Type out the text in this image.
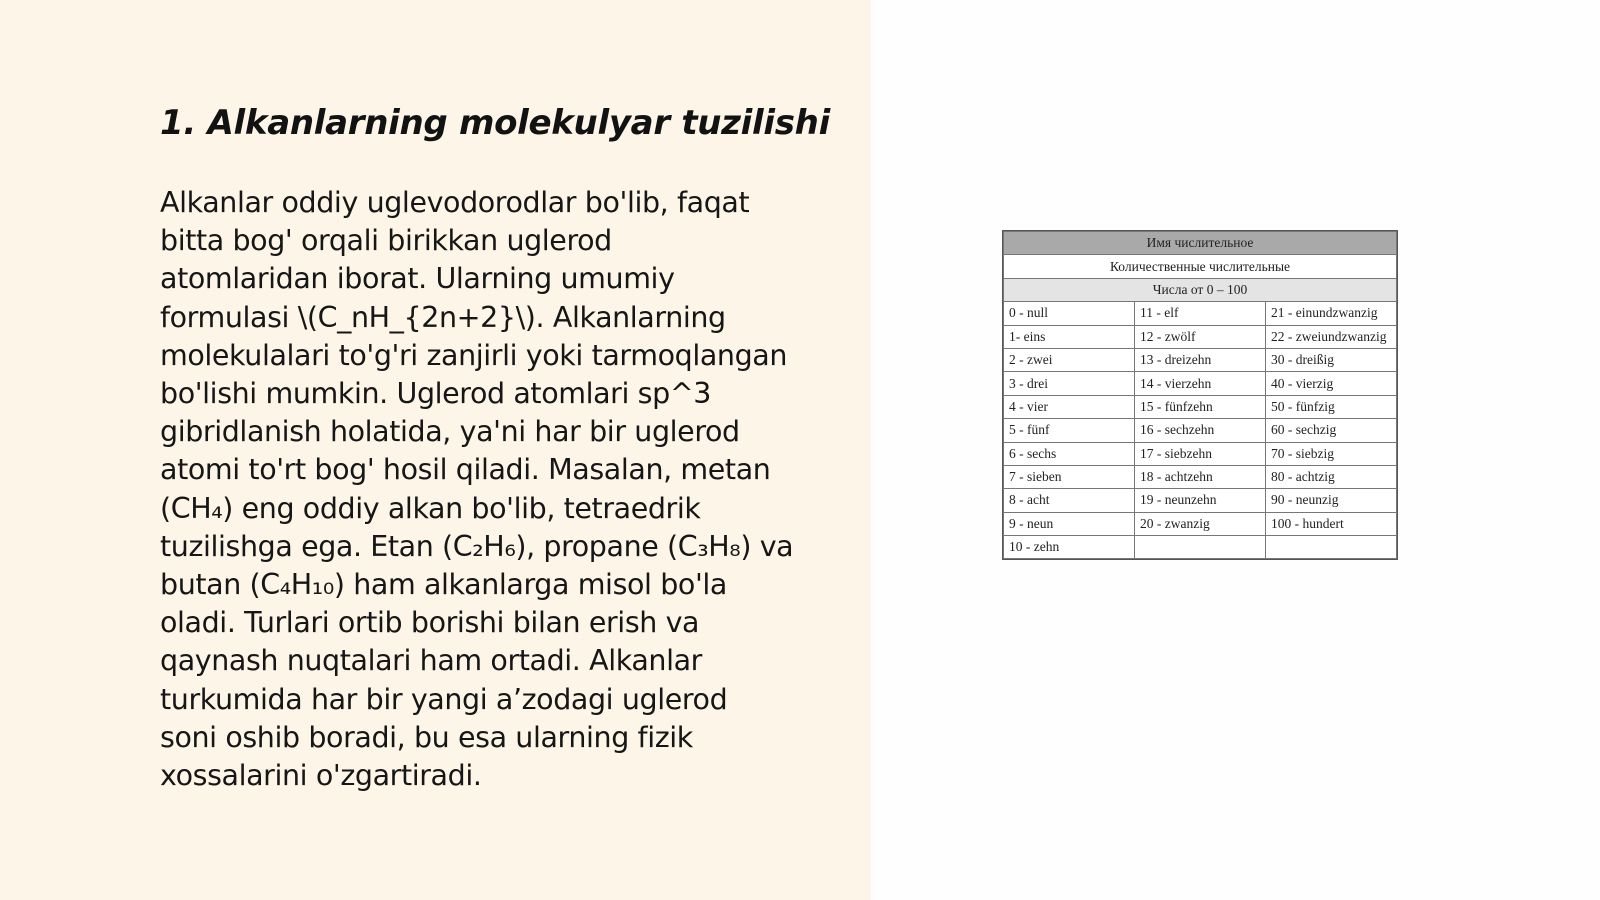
1. Alkanlarning molekulyar tuzilishi
Alkanlar oddiy uglevodorodlar bo'lib, faqat
bitta bog' orqali birikkan uglerod
atomlaridan iborat. Ularning umumiy
formulasi \(C_nH_{2n+2}\). Alkanlarning
molekulalari to'g'ri zanjirli yoki tarmoqlangan
bo'lishi mumkin. Uglerod atomlari sp^3
gibridlanish holatida, ya'ni har bir uglerod
atomi to'rt bog' hosil qiladi. Masalan, metan
(CH₄) eng oddiy alkan bo'lib, tetraedrik
tuzilishga ega. Etan (C₂H₆), propane (C₃H₈) va
butan (C₄H₁₀) ham alkanlarga misol bo'la
oladi. Turlari ortib borishi bilan erish va
qaynash nuqtalari ham ortadi. Alkanlar
turkumida har bir yangi a’zodagi uglerod
soni oshib boradi, bu esa ularning fizik
xossalarini o'zgartiradi.
Имя числительное		
Количественные числительные		
Числа от 0 – 100		
0 - null	11 - elf	21 - einundzwanzig
1- eins	12 - zwölf	22 - zweiundzwanzig
2 - zwei	13 - dreizehn	30 - dreißig
3 - drei	14 - vierzehn	40 - vierzig
4 - vier	15 - fünfzehn	50 - fünfzig
5 - fünf	16 - sechzehn	60 - sechzig
6 - sechs	17 - siebzehn	70 - siebzig
7 - sieben	18 - achtzehn	80 - achtzig
8 - acht	19 - neunzehn	90 - neunzig
9 - neun	20 - zwanzig	100 - hundert
10 - zehn		
